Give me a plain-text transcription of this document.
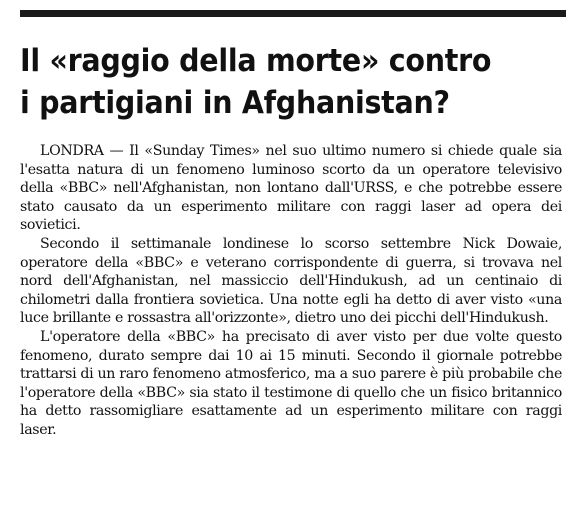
Il «raggio della morte» contro
i partigiani in Afghanistan?

LONDRA — Il «Sunday Times» nel suo ultimo numero si chiede quale sia l'esatta natura di un fenomeno luminoso scorto da un operatore televisivo della «BBC» nell'Afghanistan, non lontano dall'URSS, e che potrebbe essere stato causato da un esperimento militare con raggi laser ad opera dei sovietici.

Secondo il settimanale londinese lo scorso settembre Nick Dowaie, operatore della «BBC» e veterano corrispondente di guerra, si trovava nel nord dell'Afghanistan, nel massiccio dell'Hindukush, ad un centinaio di chilometri dalla frontiera sovietica. Una notte egli ha detto di aver visto «una luce brillante e rossastra all'orizzonte», dietro uno dei picchi dell'Hindukush.

L'operatore della «BBC» ha precisato di aver visto per due volte questo fenomeno, durato sempre dai 10 ai 15 minuti. Secondo il giornale potrebbe trattarsi di un raro fenomeno atmosferico, ma a suo parere è più probabile che l'operatore della «BBC» sia stato il testimone di quello che un fisico britannico ha detto rassomigliare esattamente ad un esperimento militare con raggi laser.
